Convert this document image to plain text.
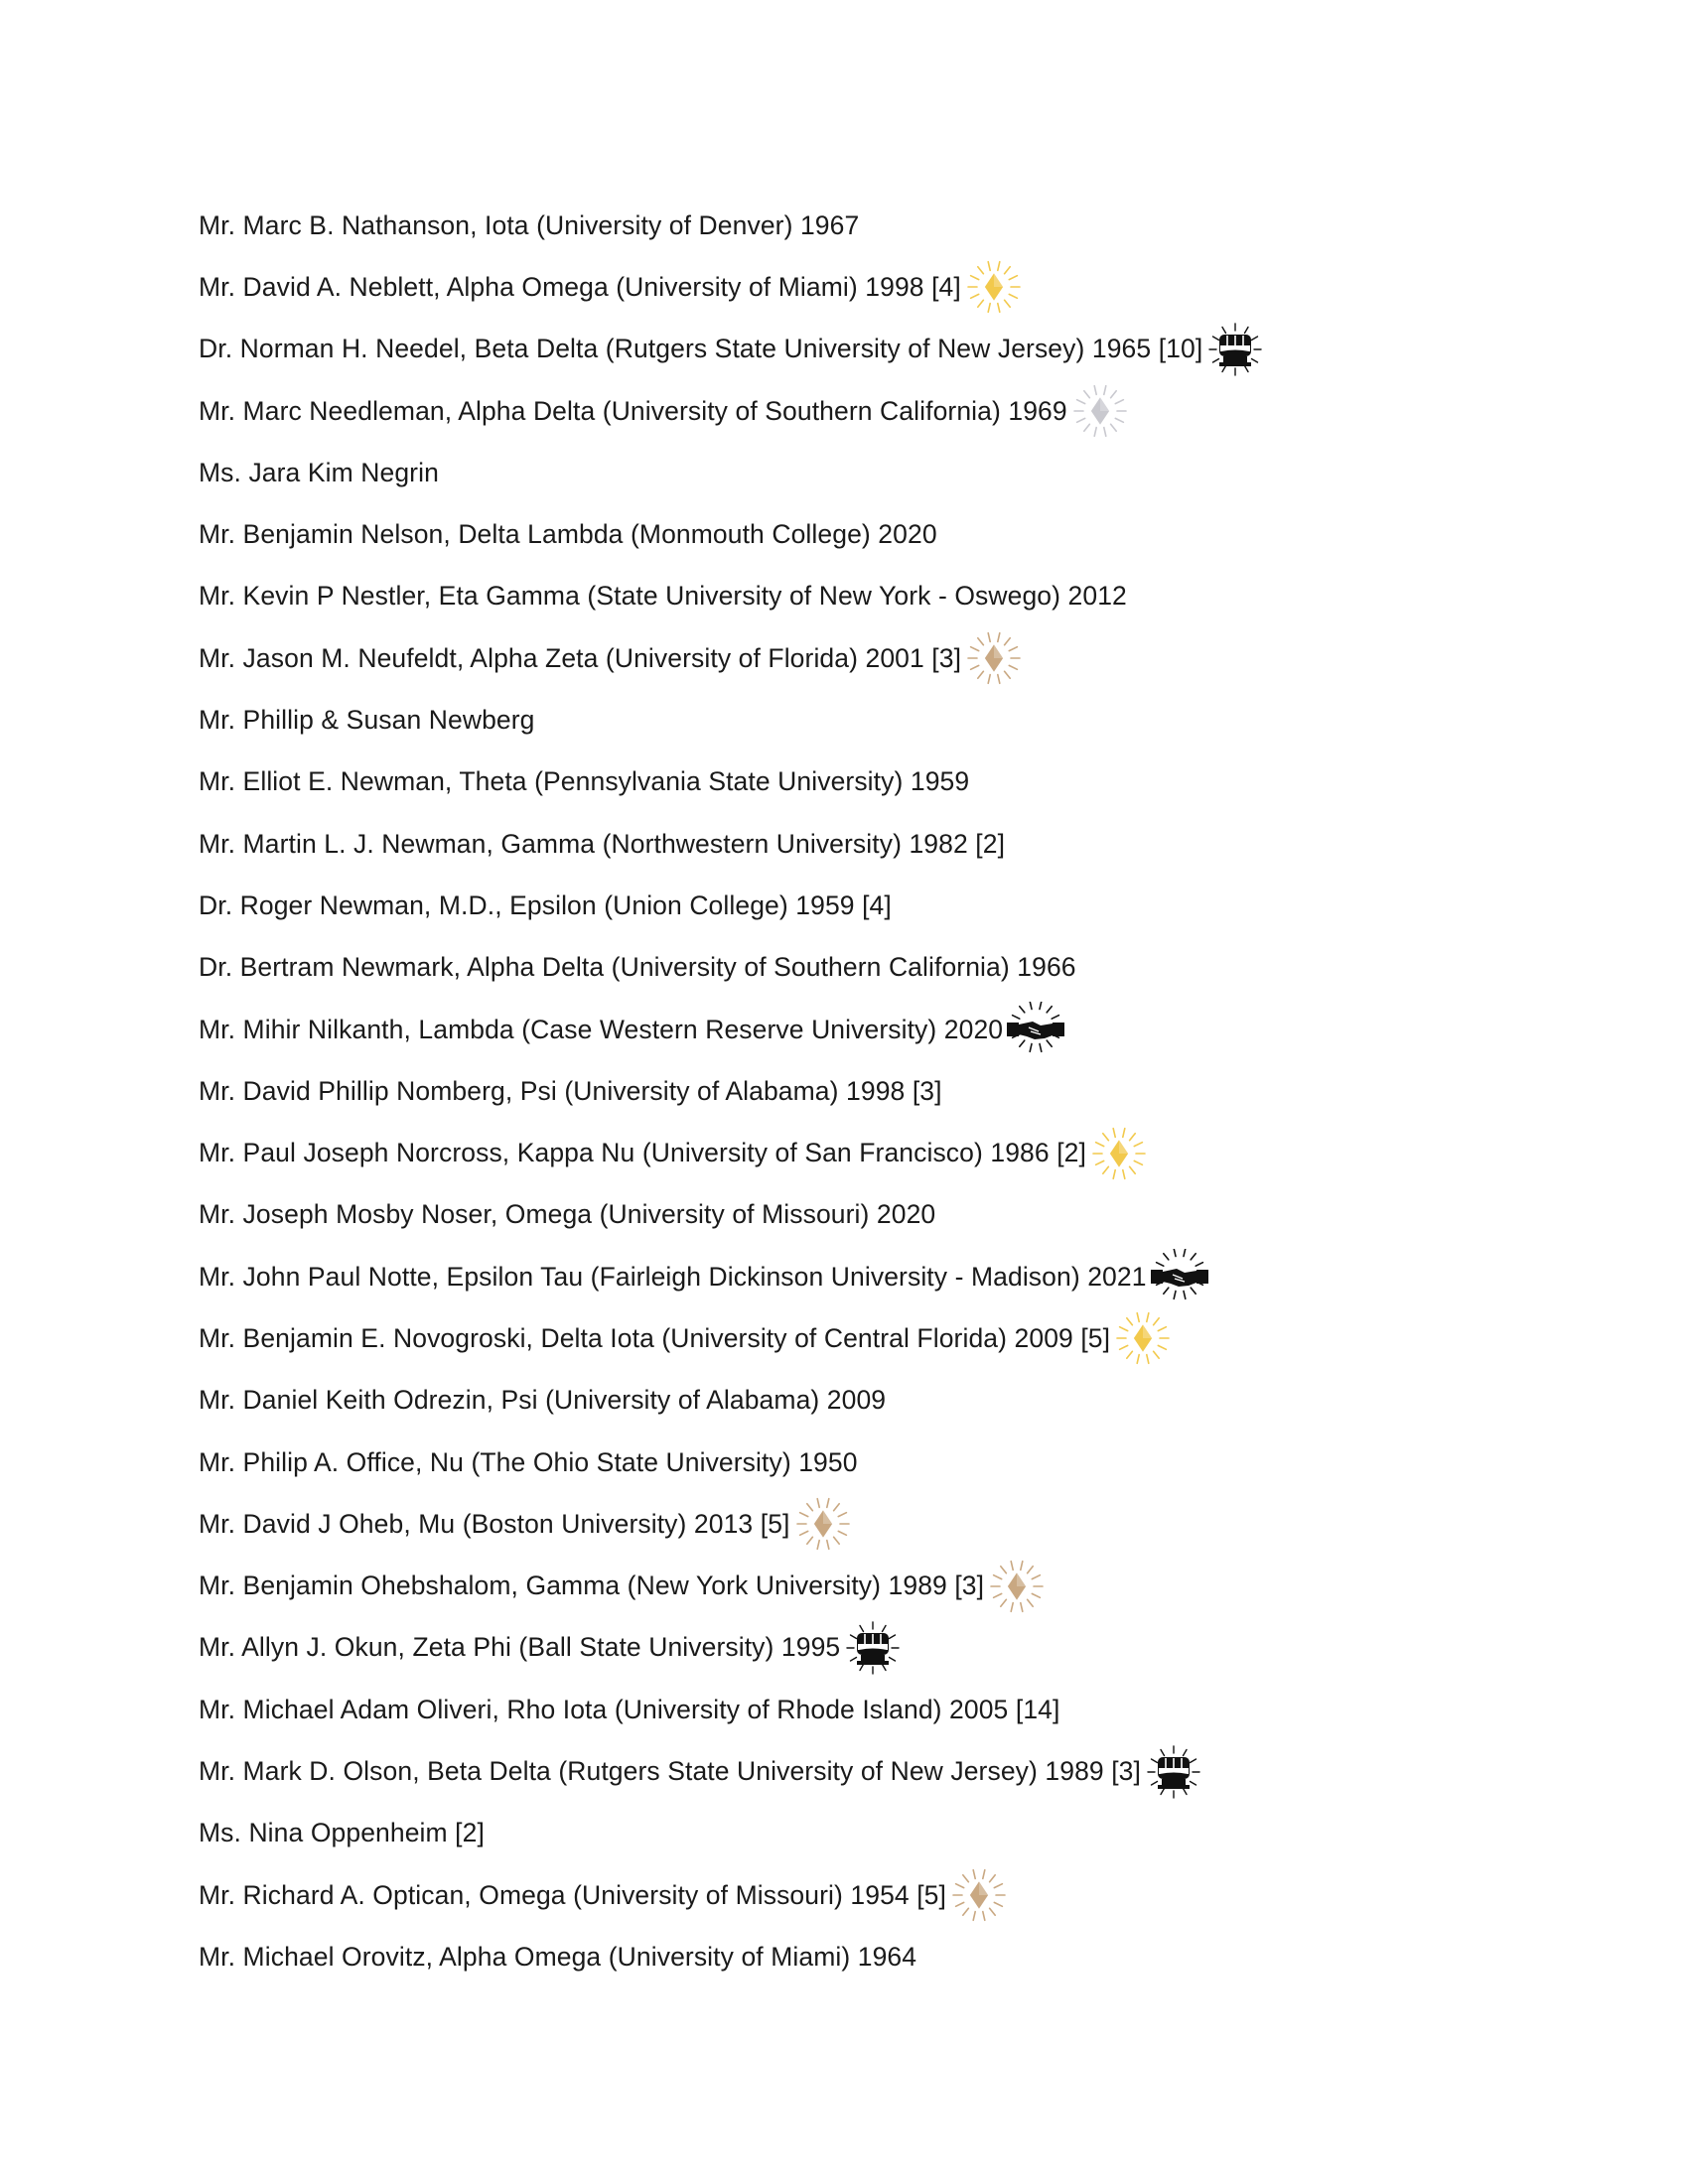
Mr. Marc B. Nathanson, Iota (University of Denver) 1967
Mr. David A. Neblett, Alpha Omega (University of Miami) 1998 [4]
Dr. Norman H. Needel, Beta Delta (Rutgers State University of New Jersey) 1965 [10]
Mr. Marc Needleman, Alpha Delta (University of Southern California) 1969
Ms. Jara Kim Negrin
Mr. Benjamin Nelson, Delta Lambda (Monmouth College) 2020
Mr. Kevin P Nestler, Eta Gamma (State University of New York - Oswego) 2012
Mr. Jason M. Neufeldt, Alpha Zeta (University of Florida) 2001 [3]
Mr. Phillip & Susan Newberg
Mr. Elliot E. Newman, Theta (Pennsylvania State University) 1959
Mr. Martin L. J. Newman, Gamma (Northwestern University) 1982 [2]
Dr. Roger Newman, M.D., Epsilon (Union College) 1959 [4]
Dr. Bertram Newmark, Alpha Delta (University of Southern California) 1966
Mr. Mihir Nilkanth, Lambda (Case Western Reserve University) 2020
Mr. David Phillip Nomberg, Psi (University of Alabama) 1998 [3]
Mr. Paul Joseph Norcross, Kappa Nu (University of San Francisco) 1986 [2]
Mr. Joseph Mosby Noser, Omega (University of Missouri) 2020
Mr. John Paul Notte, Epsilon Tau (Fairleigh Dickinson University - Madison) 2021
Mr. Benjamin E. Novogroski, Delta Iota (University of Central Florida) 2009 [5]
Mr. Daniel Keith Odrezin, Psi (University of Alabama) 2009
Mr. Philip A. Office, Nu (The Ohio State University) 1950
Mr. David J Oheb, Mu (Boston University) 2013 [5]
Mr. Benjamin Ohebshalom, Gamma (New York University) 1989 [3]
Mr. Allyn J. Okun, Zeta Phi (Ball State University) 1995
Mr. Michael Adam Oliveri, Rho Iota (University of Rhode Island) 2005 [14]
Mr. Mark D. Olson, Beta Delta (Rutgers State University of New Jersey) 1989 [3]
Ms. Nina Oppenheim [2]
Mr. Richard A. Optican, Omega (University of Missouri) 1954 [5]
Mr. Michael Orovitz, Alpha Omega (University of Miami) 1964
